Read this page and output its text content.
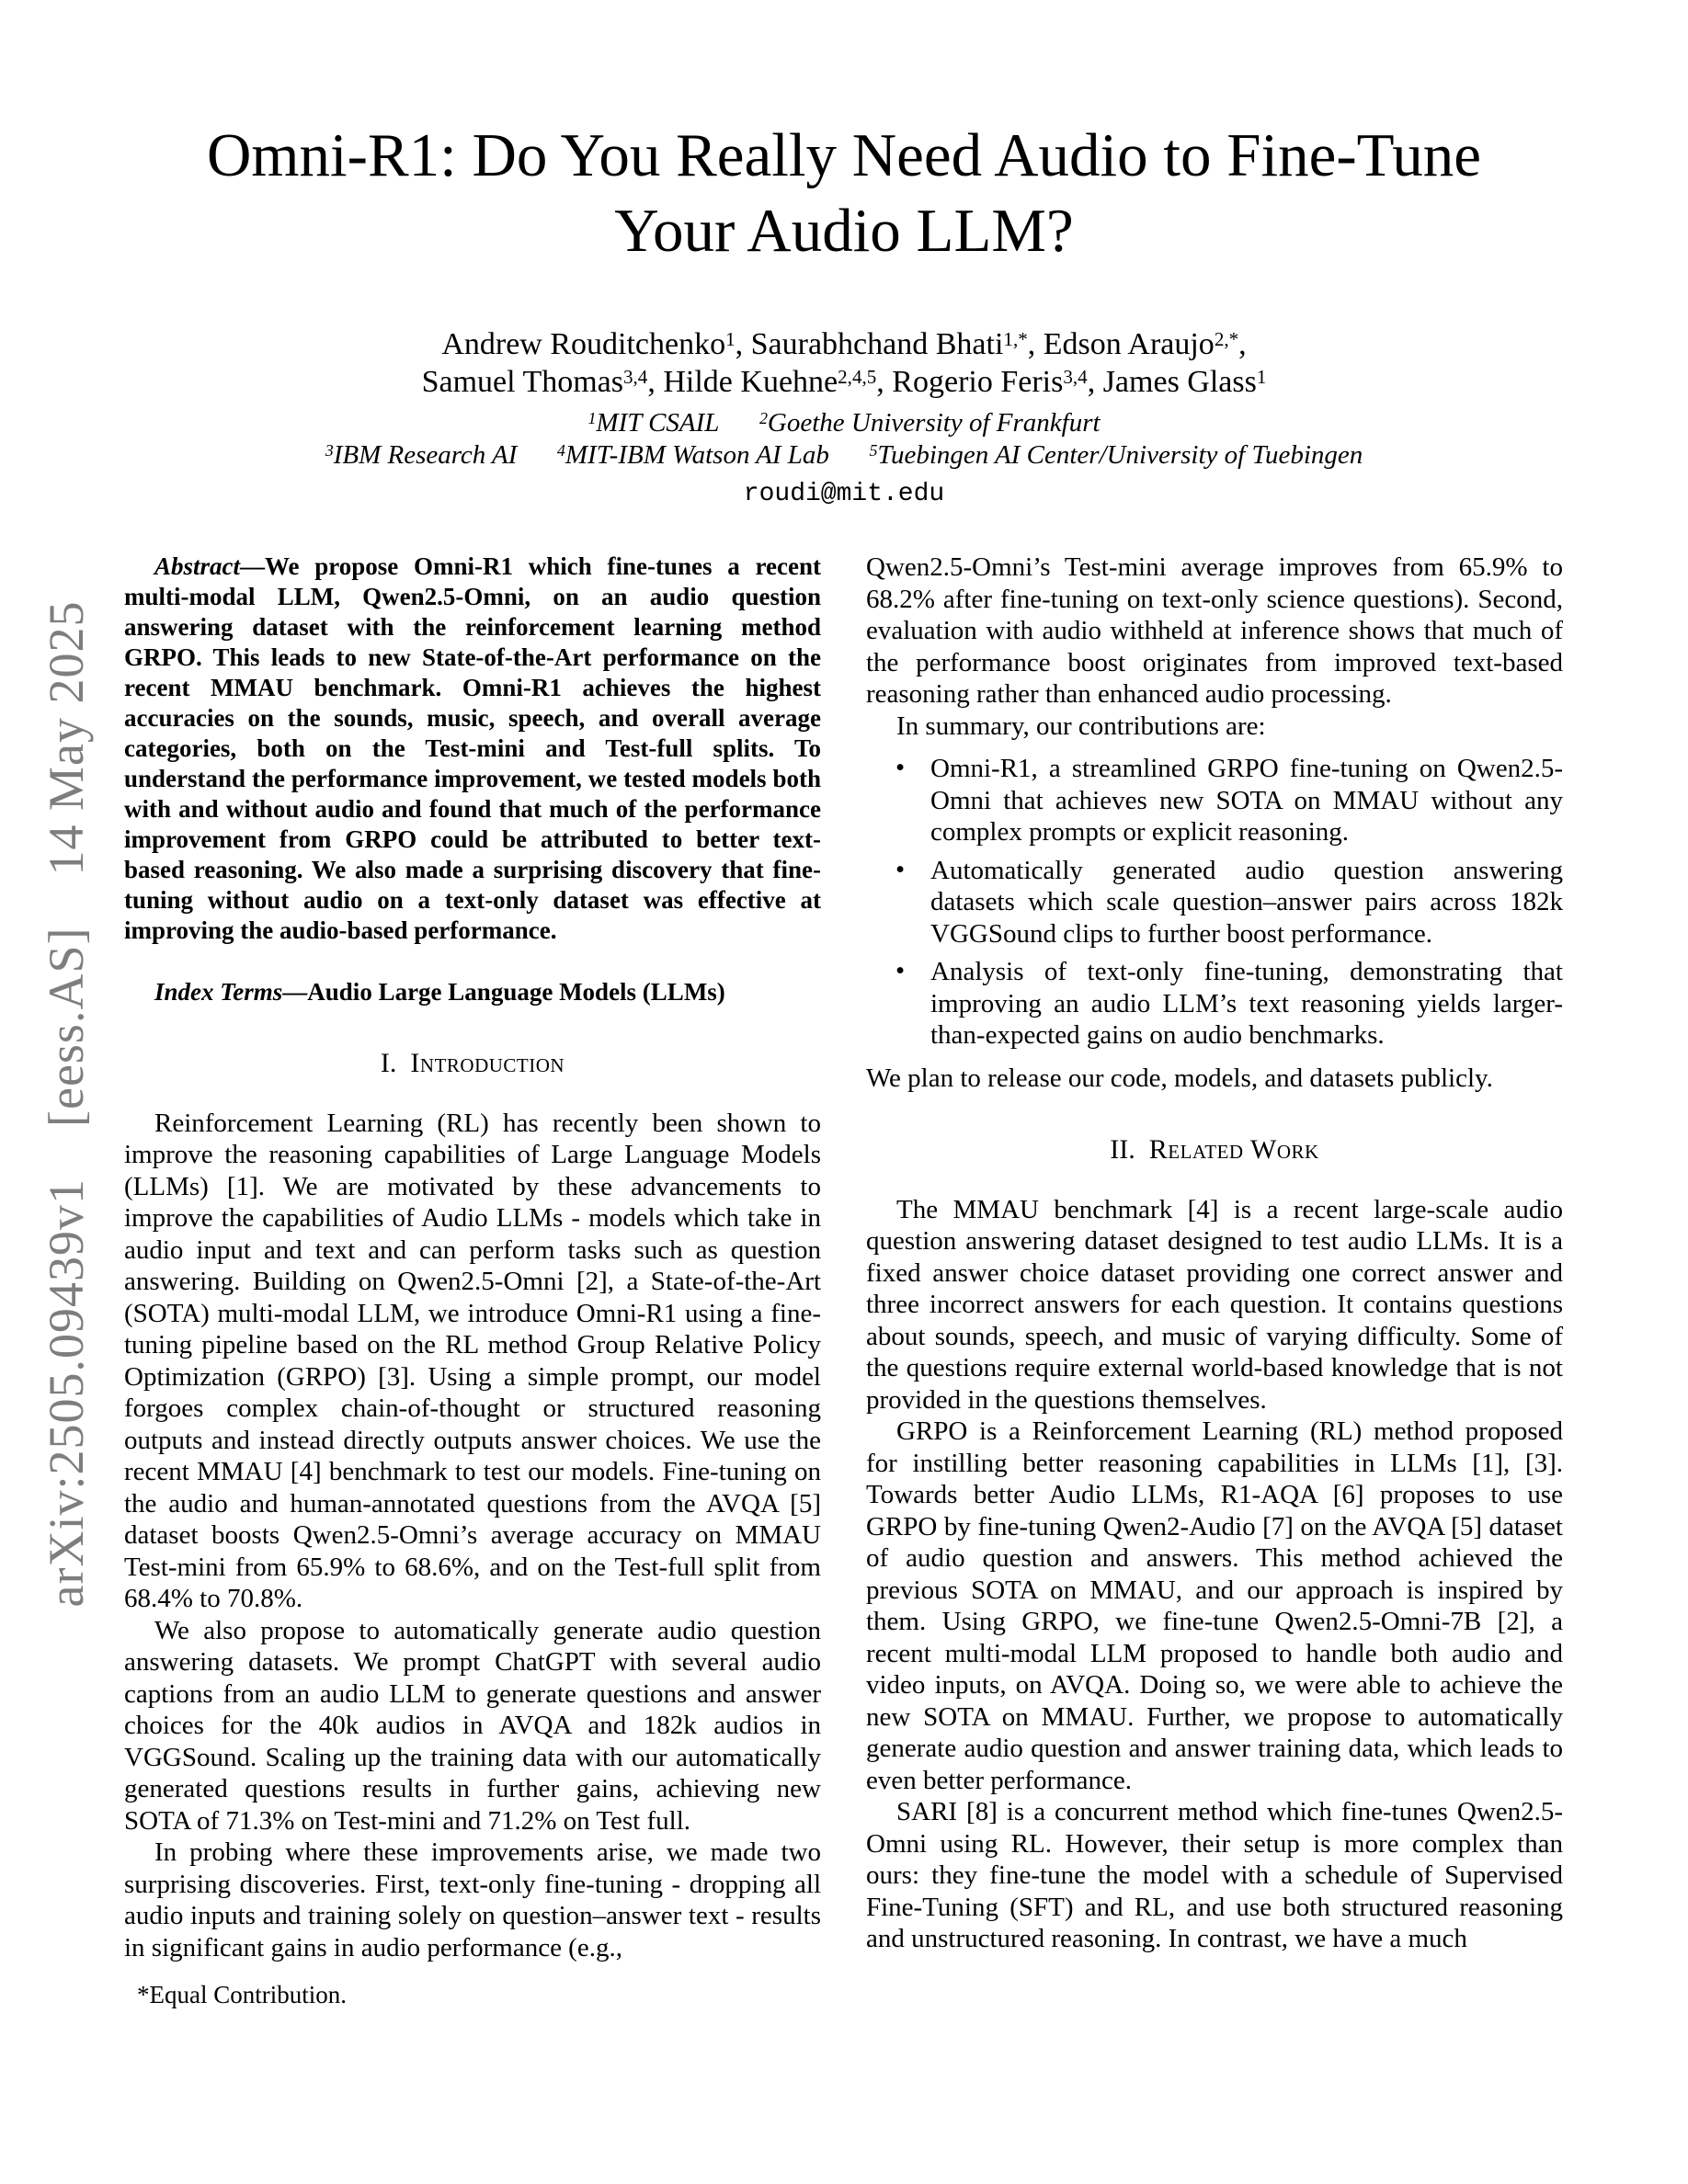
arXiv:2505.09439v1  [eess.AS]  14 May 2025
Omni-R1: Do You Really Need Audio to Fine-Tune
Your Audio LLM?
Andrew Rouditchenko$^1$, Saurabhchand Bhati$^{1,*}$, Edson Araujo$^{2,*}$,
Samuel Thomas$^{3,4}$, Hilde Kuehne$^{2,4,5}$, Rogerio Feris$^{3,4}$, James Glass$^1$
$^1$MIT CSAIL  $^2$Goethe University of Frankfurt
$^3$IBM Research AI  $^4$MIT-IBM Watson AI Lab  $^5$Tuebingen AI Center/University of Tuebingen
roudi@mit.edu

Abstract—We propose Omni-R1 which fine-tunes a recent multi-modal LLM, Qwen2.5-Omni, on an audio question answering dataset with the reinforcement learning method GRPO. This leads to new State-of-the-Art performance on the recent MMAU benchmark. Omni-R1 achieves the highest accuracies on the sounds, music, speech, and overall average categories, both on the Test-mini and Test-full splits. To understand the performance improvement, we tested models both with and without audio and found that much of the performance improvement from GRPO could be attributed to better text-based reasoning. We also made a surprising discovery that fine-tuning without audio on a text-only dataset was effective at improving the audio-based performance.

Index Terms—Audio Large Language Models (LLMs)

I. Introduction

Reinforcement Learning (RL) has recently been shown to improve the reasoning capabilities of Large Language Models (LLMs) [1]. We are motivated by these advancements to improve the capabilities of Audio LLMs - models which take in audio input and text and can perform tasks such as question answering. Building on Qwen2.5-Omni [2], a State-of-the-Art (SOTA) multi-modal LLM, we introduce Omni-R1 using a fine-tuning pipeline based on the RL method Group Relative Policy Optimization (GRPO) [3]. Using a simple prompt, our model forgoes complex chain-of-thought or structured reasoning outputs and instead directly outputs answer choices. We use the recent MMAU [4] benchmark to test our models. Fine-tuning on the audio and human-annotated questions from the AVQA [5] dataset boosts Qwen2.5-Omni’s average accuracy on MMAU Test-mini from 65.9% to 68.6%, and on the Test-full split from 68.4% to 70.8%.

We also propose to automatically generate audio question answering datasets. We prompt ChatGPT with several audio captions from an audio LLM to generate questions and answer choices for the 40k audios in AVQA and 182k audios in VGGSound. Scaling up the training data with our automatically generated questions results in further gains, achieving new SOTA of 71.3% on Test-mini and 71.2% on Test full.

In probing where these improvements arise, we made two surprising discoveries. First, text-only fine-tuning - dropping all audio inputs and training solely on question–answer text - results in significant gains in audio performance (e.g.,

*Equal Contribution.

Qwen2.5-Omni’s Test-mini average improves from 65.9% to 68.2% after fine-tuning on text-only science questions). Second, evaluation with audio withheld at inference shows that much of the performance boost originates from improved text-based reasoning rather than enhanced audio processing.

In summary, our contributions are:

• Omni-R1, a streamlined GRPO fine-tuning on Qwen2.5-Omni that achieves new SOTA on MMAU without any complex prompts or explicit reasoning.
• Automatically generated audio question answering datasets which scale question–answer pairs across 182k VGGSound clips to further boost performance.
• Analysis of text-only fine-tuning, demonstrating that improving an audio LLM’s text reasoning yields larger-than-expected gains on audio benchmarks.

We plan to release our code, models, and datasets publicly.

II. Related Work

The MMAU benchmark [4] is a recent large-scale audio question answering dataset designed to test audio LLMs. It is a fixed answer choice dataset providing one correct answer and three incorrect answers for each question. It contains questions about sounds, speech, and music of varying difficulty. Some of the questions require external world-based knowledge that is not provided in the questions themselves.

GRPO is a Reinforcement Learning (RL) method proposed for instilling better reasoning capabilities in LLMs [1], [3]. Towards better Audio LLMs, R1-AQA [6] proposes to use GRPO by fine-tuning Qwen2-Audio [7] on the AVQA [5] dataset of audio question and answers. This method achieved the previous SOTA on MMAU, and our approach is inspired by them. Using GRPO, we fine-tune Qwen2.5-Omni-7B [2], a recent multi-modal LLM proposed to handle both audio and video inputs, on AVQA. Doing so, we were able to achieve the new SOTA on MMAU. Further, we propose to automatically generate audio question and answer training data, which leads to even better performance.

SARI [8] is a concurrent method which fine-tunes Qwen2.5-Omni using RL. However, their setup is more complex than ours: they fine-tune the model with a schedule of Supervised Fine-Tuning (SFT) and RL, and use both structured reasoning and unstructured reasoning. In contrast, we have a much
